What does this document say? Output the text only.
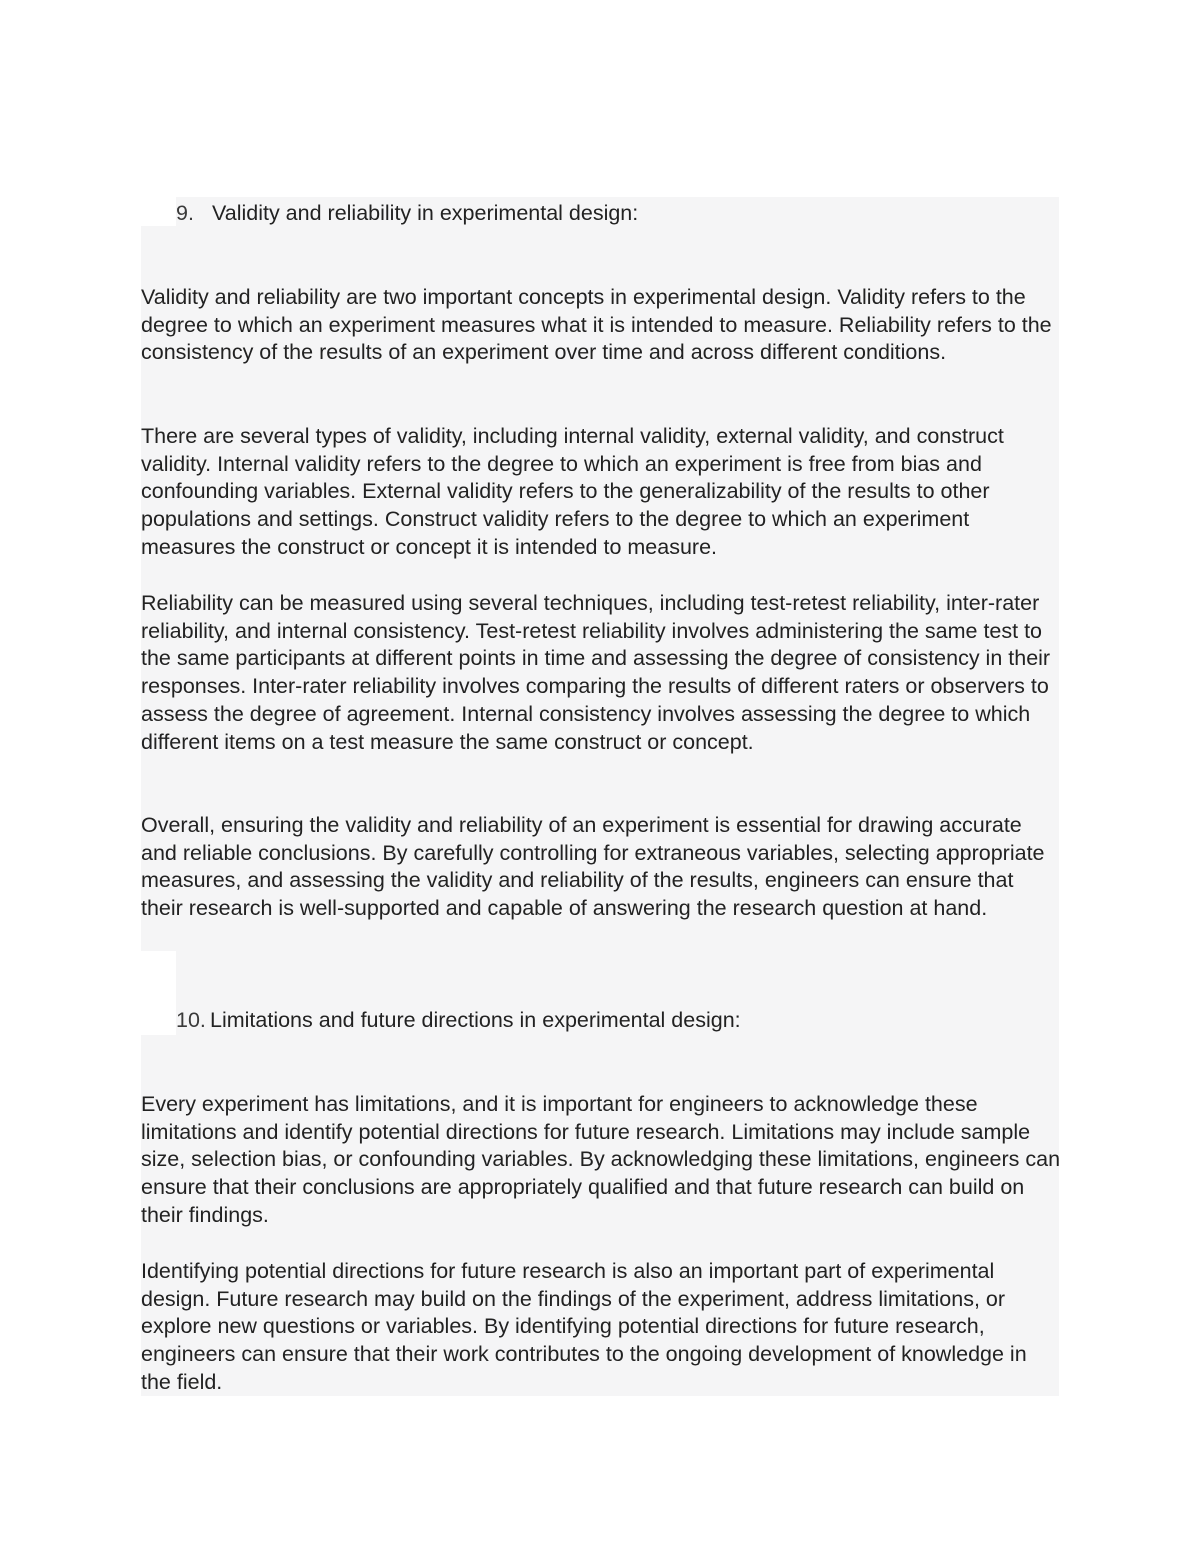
9. Validity and reliability in experimental design:

Validity and reliability are two important concepts in experimental design. Validity refers to the degree to which an experiment measures what it is intended to measure. Reliability refers to the consistency of the results of an experiment over time and across different conditions.

There are several types of validity, including internal validity, external validity, and construct validity. Internal validity refers to the degree to which an experiment is free from bias and confounding variables. External validity refers to the generalizability of the results to other populations and settings. Construct validity refers to the degree to which an experiment measures the construct or concept it is intended to measure.

Reliability can be measured using several techniques, including test-retest reliability, inter-rater reliability, and internal consistency. Test-retest reliability involves administering the same test to the same participants at different points in time and assessing the degree of consistency in their responses. Inter-rater reliability involves comparing the results of different raters or observers to assess the degree of agreement. Internal consistency involves assessing the degree to which different items on a test measure the same construct or concept.

Overall, ensuring the validity and reliability of an experiment is essential for drawing accurate and reliable conclusions. By carefully controlling for extraneous variables, selecting appropriate measures, and assessing the validity and reliability of the results, engineers can ensure that their research is well-supported and capable of answering the research question at hand.

10. Limitations and future directions in experimental design:

Every experiment has limitations, and it is important for engineers to acknowledge these limitations and identify potential directions for future research. Limitations may include sample size, selection bias, or confounding variables. By acknowledging these limitations, engineers can ensure that their conclusions are appropriately qualified and that future research can build on their findings.

Identifying potential directions for future research is also an important part of experimental design. Future research may build on the findings of the experiment, address limitations, or explore new questions or variables. By identifying potential directions for future research, engineers can ensure that their work contributes to the ongoing development of knowledge in the field.
